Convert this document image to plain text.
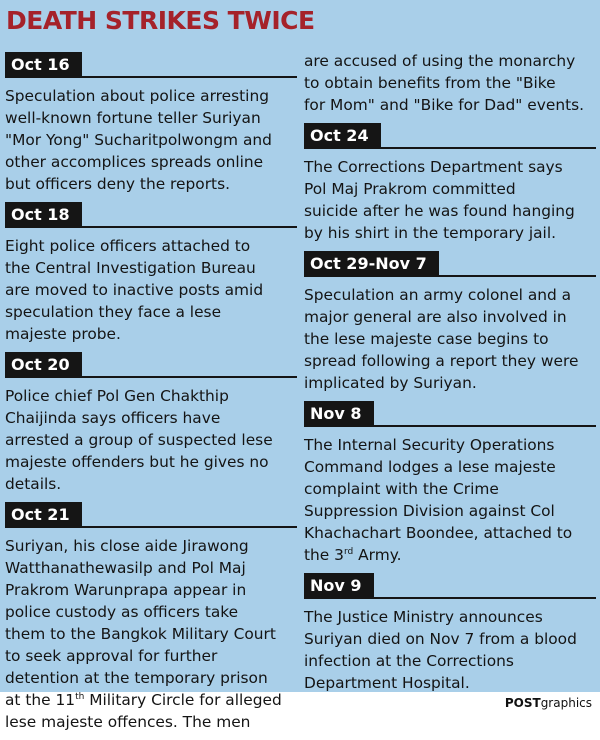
DEATH STRIKES TWICE
Oct 16

Speculation about police arresting

well-known fortune teller Suriyan

"Mor Yong" Sucharitpolwongm and

other accomplices spreads online

but officers deny the reports.

Oct 18

Eight police officers attached to

the Central Investigation Bureau

are moved to inactive posts amid

speculation they face a lese

majeste probe.

Oct 20

Police chief Pol Gen Chakthip

Chaijinda says officers have

arrested a group of suspected lese

majeste offenders but he gives no

details.

Oct 21

Suriyan, his close aide Jirawong

Watthanathewasilp and Pol Maj

Prakrom Warunprapa appear in

police custody as officers take

them to the Bangkok Military Court

to seek approval for further

detention at the temporary prison

at the 11th Military Circle for alleged

lese majeste offences. The men

are accused of using the monarchy

to obtain benefits from the "Bike

for Mom" and "Bike for Dad" events.

Oct 24

The Corrections Department says

Pol Maj Prakrom committed

suicide after he was found hanging

by his shirt in the temporary jail.

Oct 29-Nov 7

Speculation an army colonel and a

major general are also involved in

the lese majeste case begins to

spread following a report they were

implicated by Suriyan.

Nov 8

The Internal Security Operations

Command lodges a lese majeste

complaint with the Crime

Suppression Division against Col

Khachachart Boondee, attached to

the 3rd Army.

Nov 9

The Justice Ministry announces

Suriyan died on Nov 7 from a blood

infection at the Corrections

Department Hospital.

POSTgraphics
